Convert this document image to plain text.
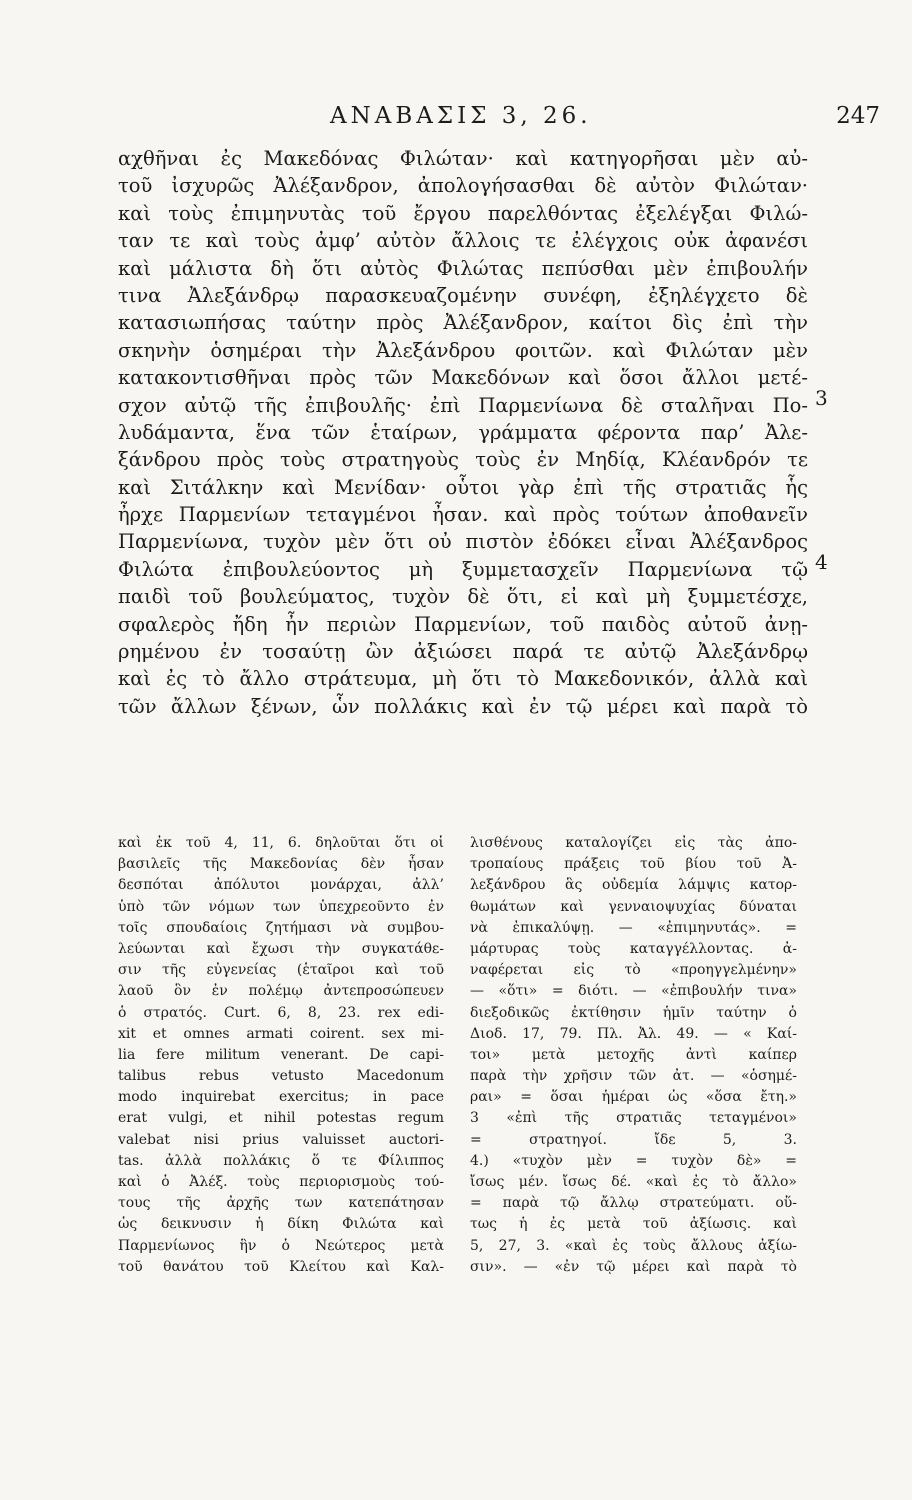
ΑΝΑΒΑΣΙΣ 3, 26.	247
αχθῆναι ἐς Μακεδόνας Φιλώταν· καὶ κατηγορῆσαι μὲν αὐ-
τοῦ ἰσχυρῶς Ἀλέξανδρον, ἀπολογήσασθαι δὲ αὐτὸν Φιλώταν·
καὶ τοὺς ἐπιμηνυτὰς τοῦ ἔργου παρελθόντας ἐξελέγξαι Φιλώ-
ταν τε καὶ τοὺς ἀμφ’ αὐτὸν ἄλλοις τε ἐλέγχοις οὐκ ἀφανέσι
καὶ μάλιστα δὴ ὅτι αὐτὸς Φιλώτας πεπύσθαι μὲν ἐπιβουλήν
τινα Ἀλεξάνδρῳ παρασκευαζομένην συνέφη, ἐξηλέγχετο δὲ
κατασιωπήσας ταύτην πρὸς Ἀλέξανδρον, καίτοι δὶς ἐπὶ τὴν
σκηνὴν ὁσημέραι τὴν Ἀλεξάνδρου φοιτῶν. καὶ Φιλώταν μὲν
κατακοντισθῆναι πρὸς τῶν Μακεδόνων καὶ ὅσοι ἄλλοι μετέ-
σχον αὐτῷ τῆς ἐπιβουλῆς· ἐπὶ Παρμενίωνα δὲ σταλῆναι Πο-
λυδάμαντα, ἕνα τῶν ἑταίρων, γράμματα φέροντα παρ’ Ἀλε-
ξάνδρου πρὸς τοὺς στρατηγοὺς τοὺς ἐν Μηδίᾳ, Κλέανδρόν τε
καὶ Σιτάλκην καὶ Μενίδαν· οὗτοι γὰρ ἐπὶ τῆς στρατιᾶς ἧς
ἦρχε Παρμενίων τεταγμένοι ἦσαν. καὶ πρὸς τούτων ἀποθανεῖν
Παρμενίωνα, τυχὸν μὲν ὅτι οὐ πιστὸν ἐδόκει εἶναι Ἀλέξανδρος
Φιλώτα ἐπιβουλεύοντος μὴ ξυμμετασχεῖν Παρμενίωνα τῷ
παιδὶ τοῦ βουλεύματος, τυχὸν δὲ ὅτι, εἰ καὶ μὴ ξυμμετέσχε,
σφαλερὸς ἤδη ἦν περιὼν Παρμενίων, τοῦ παιδὸς αὐτοῦ ἀνῃ-
ρημένου ἐν τοσαύτῃ ὢν ἀξιώσει παρά τε αὐτῷ Ἀλεξάνδρῳ
καὶ ἐς τὸ ἄλλο στράτευμα, μὴ ὅτι τὸ Μακεδονικόν, ἀλλὰ καὶ
τῶν ἄλλων ξένων, ὧν πολλάκις καὶ ἐν τῷ μέρει καὶ παρὰ τὸ
3
4
καὶ ἐκ τοῦ 4, 11, 6. δηλοῦται ὅτι οἱ
βασιλεῖς τῆς Μακεδονίας δὲν ἦσαν
δεσπόται ἀπόλυτοι μονάρχαι, ἀλλ’
ὑπὸ τῶν νόμων των ὑπεχρεοῦντο ἐν
τοῖς σπουδαίοις ζητήμασι νὰ συμβου-
λεύωνται καὶ ἔχωσι τὴν συγκατάθε-
σιν τῆς εὐγενείας (ἑταῖροι καὶ τοῦ
λαοῦ ὃν ἐν πολέμῳ ἀντεπροσώπευεν
ὁ στρατός. Curt. 6, 8, 23. rex edi-
xit et omnes armati coirent. sex mi-
lia fere militum venerant. De capi-
talibus rebus vetusto Macedonum
modo inquirebat exercitus; in pace
erat vulgi, et nihil potestas regum
valebat nisi prius valuisset auctori-
tas. ἀλλὰ πολλάκις ὅ τε Φίλιππος
καὶ ὁ Ἀλέξ. τοὺς περιορισμοὺς τού-
τους τῆς ἀρχῆς των κατεπάτησαν
ὡς δεικνυσιν ἡ δίκη Φιλώτα καὶ
Παρμενίωνος ἣν ὁ Νεώτερος μετὰ
τοῦ θανάτου τοῦ Κλείτου καὶ Καλ-
λισθένους καταλογίζει εἰς τὰς ἀπο-
τροπαίους πράξεις τοῦ βίου τοῦ Ἀ-
λεξάνδρου ἃς οὐδεμία λάμψις κατορ-
θωμάτων καὶ γενναιοψυχίας δύναται
νὰ ἐπικαλύψῃ. — «ἐπιμηνυτάς». =
μάρτυρας τοὺς καταγγέλλοντας. ἀ-
ναφέρεται εἰς τὸ «προηγγελμένην»
— «ὅτι» = διότι. — «ἐπιβουλήν τινα»
διεξοδικῶς ἐκτίθησιν ἡμῖν ταύτην ὁ
Διοδ. 17, 79. Πλ. Ἀλ. 49. — « Καί-
τοι» μετὰ μετοχῆς ἀντὶ καίπερ
παρὰ τὴν χρῆσιν τῶν ἀτ. — «ὁσημέ-
ραι» = ὅσαι ἡμέραι ὡς «ὅσα ἔτη.»
3 «ἐπὶ τῆς στρατιᾶς τεταγμένοι»
= στρατηγοί. ἴδε 5, 3.
4.) «τυχὸν μὲν = τυχὸν δὲ» =
ἴσως μέν. ἴσως δέ. «καὶ ἐς τὸ ἄλλο»
= παρὰ τῷ ἄλλῳ στρατεύματι. οὕ-
τως ἡ ἐς μετὰ τοῦ ἀξίωσις. καὶ
5, 27, 3. «καὶ ἐς τοὺς ἄλλους ἀξίω-
σιν». — «ἐν τῷ μέρει καὶ παρὰ τὸ
